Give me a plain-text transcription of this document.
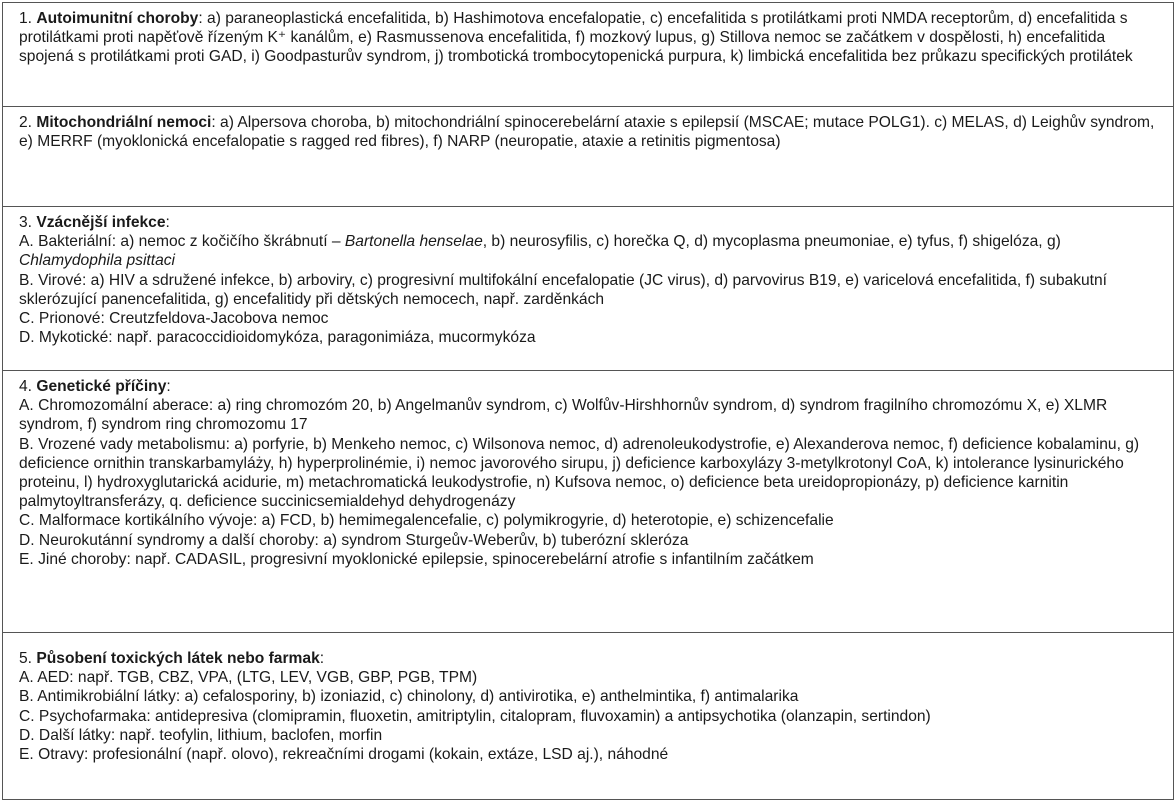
1. Autoimunitní choroby: a) paraneoplastická encefalitida, b) Hashimotova encefalopatie, c) encefalitida s protilátkami proti NMDA receptorům, d) encefalitida s protilátkami proti napěťově řízeným K⁺ kanálům, e) Rasmussenova encefalitida, f) mozkový lupus, g) Stillova nemoc se začátkem v dospělosti, h) encefalitida spojená s protilátkami proti GAD, i) Goodpasturův syndrom, j) trombotická trombocytopenická purpura, k) limbická encefalitida bez průkazu specifických protilátek

2. Mitochondriální nemoci: a) Alpersova choroba, b) mitochondriální spinocerebelární ataxie s epilepsií (MSCAE; mutace POLG1). c) MELAS, d) Leighův syndrom, e) MERRF (myoklonická encefalopatie s ragged red fibres), f) NARP (neuropatie, ataxie a retinitis pigmentosa)

3. Vzácnější infekce:

A. Bakteriální: a) nemoc z kočičího škrábnutí – Bartonella henselae, b) neurosyfilis, c) horečka Q, d) mycoplasma pneumoniae, e) tyfus, f) shigelóza, g) Chlamydophila psittaci

B. Virové: a) HIV a sdružené infekce, b) arboviry, c) progresivní multifokální encefalopatie (JC virus), d) parvovirus B19, e) varicelová encefalitida, f) subakutní sklerózující panencefalitida, g) encefalitidy při dětských nemocech, např. zarděnkách

C. Prionové: Creutzfeldova-Jacobova nemoc

D. Mykotické: např. paracoccidioidomykóza, paragonimiáza, mucormykóza

4. Genetické příčiny:

A. Chromozomální aberace: a) ring chromozóm 20, b) Angelmanův syndrom, c) Wolfův-Hirshhornův syndrom, d) syndrom fragilního chromozómu X, e) XLMR syndrom, f) syndrom ring chromozomu 17

B. Vrozené vady metabolismu: a) porfyrie, b) Menkeho nemoc, c) Wilsonova nemoc, d) adrenoleukodystrofie, e) Alexanderova nemoc, f) deficience kobalaminu, g) deficience ornithin transkarbamyláży, h) hyperprolinémie, i) nemoc javorového sirupu, j) deficience karboxylázy 3-metylkrotonyl CoA, k) intolerance lysinurického proteinu, l) hydroxyglutarická acidurie, m) metachromatická leukodystrofie, n) Kufsova nemoc, o) deficience beta ureidopropionázy, p) deficience karnitin palmytoyltransferázy, q. deficience succinicsemialdehyd dehydrogenázy

C. Malformace kortikálního vývoje: a) FCD, b) hemimegalencefalie, c) polymikrogyrie, d) heterotopie, e) schizencefalie

D. Neurokutánní syndromy a další choroby: a) syndrom Sturgeův-Weberův, b) tuberózní skleróza

E. Jiné choroby: např. CADASIL, progresivní myoklonické epilepsie, spinocerebelární atrofie s infantilním začátkem

5. Působení toxických látek nebo farmak:

A. AED: např. TGB, CBZ, VPA, (LTG, LEV, VGB, GBP, PGB, TPM)

B. Antimikrobiální látky: a) cefalosporiny, b) izoniazid, c) chinolony, d) antivirotika, e) anthelmintika, f) antimalarika

C. Psychofarmaka: antidepresiva (clomipramin, fluoxetin, amitriptylin, citalopram, fluvoxamin) a antipsychotika (olanzapin, sertindon)

D. Další látky: např. teofylin, lithium, baclofen, morfin

E. Otravy: profesionální (např. olovo), rekreačními drogami (kokain, extáze, LSD aj.), náhodné
